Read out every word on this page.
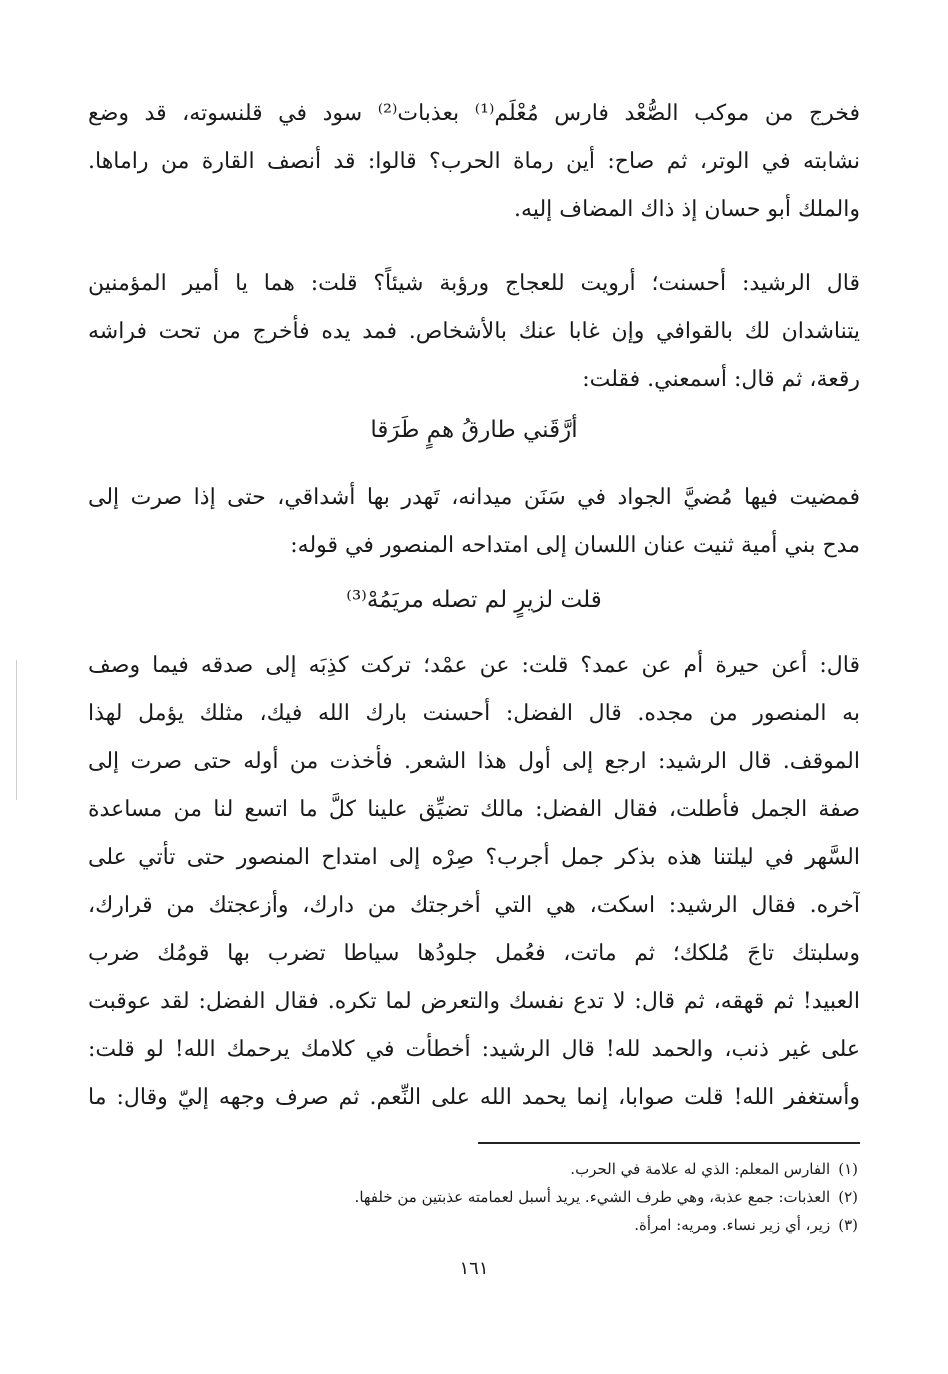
فخرج من موكب الصُّعْد فارس مُعْلَم⁽¹⁾ بعذبات⁽²⁾ سود في قلنسوته، قد وضع
نشابته في الوتر، ثم صاح: أين رماة الحرب؟ قالوا: قد أنصف القارة من راماها.
والملك أبو حسان إذ ذاك المضاف إليه.
قال الرشيد: أحسنت؛ أرويت للعجاج ورؤبة شيئاً؟ قلت: هما يا أمير المؤمنين
يتناشدان لك بالقوافي وإن غابا عنك بالأشخاص. فمد يده فأخرج من تحت فراشه
رقعة، ثم قال: أسمعني. فقلت:
أرَّقَني طارقُ همٍ طَرَقا
فمضيت فيها مُضيَّ الجواد في سَنَن ميدانه، تَهدر بها أشداقي، حتى إذا صرت إلى
مدح بني أمية ثنيت عنان اللسان إلى امتداحه المنصور في قوله:
قلت لزيرٍ لم تصله مريَمُهْ⁽³⁾
قال: أعن حيرة أم عن عمد؟ قلت: عن عمْد؛ تركت كذِبَه إلى صدقه فيما وصف
به المنصور من مجده. قال الفضل: أحسنت بارك الله فيك، مثلك يؤمل لهذا
الموقف. قال الرشيد: ارجع إلى أول هذا الشعر. فأخذت من أوله حتى صرت إلى
صفة الجمل فأطلت، فقال الفضل: مالك تضيِّق علينا كلَّ ما اتسع لنا من مساعدة
السَّهر في ليلتنا هذه بذكر جمل أجرب؟ صِرْه إلى امتداح المنصور حتى تأتي على
آخره. فقال الرشيد: اسكت، هي التي أخرجتك من دارك، وأزعجتك من قرارك،
وسلبتك تاجَ مُلكك؛ ثم ماتت، فعُمل جلودُها سياطا تضرب بها قومُك ضرب
العبيد! ثم قهقه، ثم قال: لا تدع نفسك والتعرض لما تكره. فقال الفضل: لقد عوقبت
على غير ذنب، والحمد لله! قال الرشيد: أخطأت في كلامك يرحمك الله! لو قلت:
وأستغفر الله! قلت صوابا، إنما يحمد الله على النِّعم. ثم صرف وجهه إليّ وقال: ما
(١)الفارس المعلم: الذي له علامة في الحرب.
(٢)العذبات: جمع عذبة، وهي طرف الشيء. يريد أسبل لعمامته عذبتين من خلفها.
(٣)زير، أي زير نساء. ومريه: امرأة.
١٦١
